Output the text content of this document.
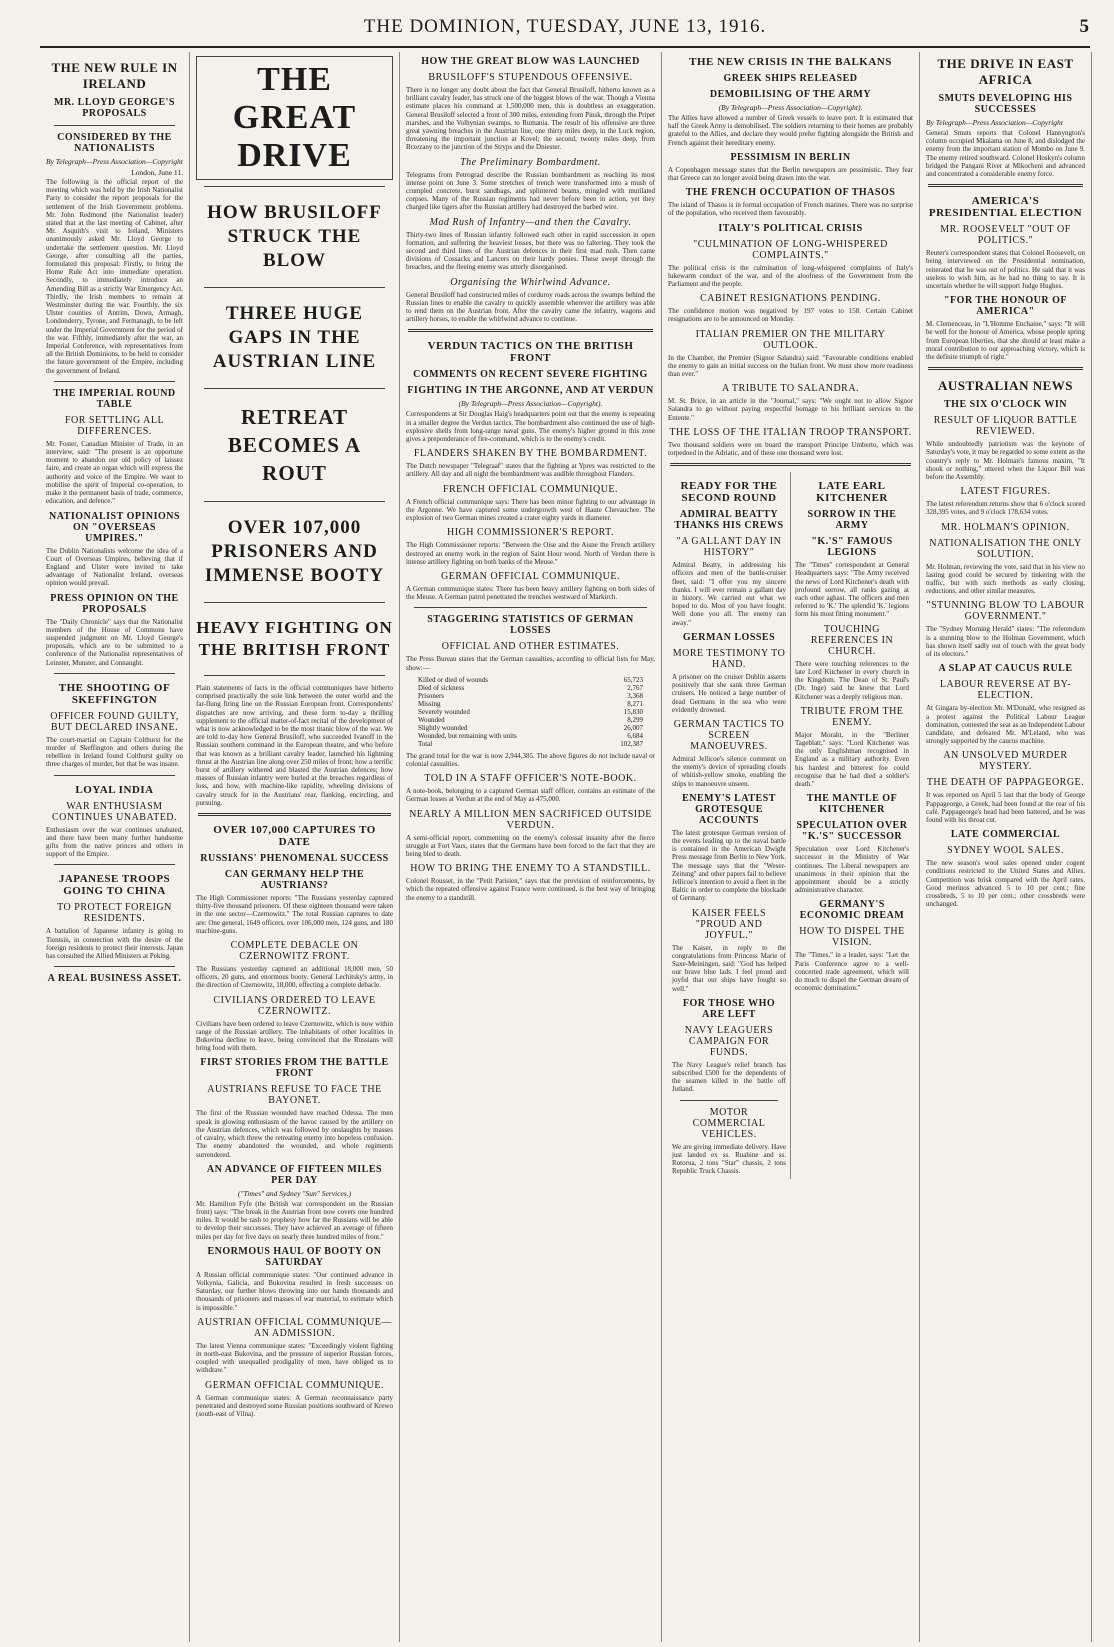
THE DOMINION, TUESDAY, JUNE 13, 1916.	5
THE NEW RULE IN IRELAND
MR. LLOYD GEORGE'S PROPOSALS
CONSIDERED BY THE NATIONALISTS
By Telegraph—Press Association—Copyright
London, June 11.
The following is the official report of the meeting which was held by the Irish Nationalist Party to consider the report proposals for the settlement of the Irish Government problems. Mr. John Redmond (the Nationalist leader) stated that at the last meeting of Cabinet, after Mr. Asquith's visit to Ireland, Ministers unanimously asked Mr. Lloyd George to undertake the settlement question. Mr. Lloyd George, after consulting all the parties, formulated this proposal: Firstly, to bring the Home Rule Act into immediate operation. Secondly, to immediately introduce an Amending Bill as a strictly War Emergency Act. Thirdly, the Irish members to remain at Westminster during the war. Fourthly, the six Ulster counties of Antrim, Down, Armagh, Londonderry, Tyrone, and Fermanagh, to be left under the Imperial Government for the period of the war. Fifthly, immediately after the war, an Imperial Conference, with representatives from all the British Dominions, to be held to consider the future government of the Empire, including the government of Ireland.
THE IMPERIAL ROUND TABLE
FOR SETTLING ALL DIFFERENCES.
Mr. Foster, Canadian Minister of Trade, in an interview, said: "The present is an opportune moment to abandon our old policy of laissez faire, and create an organ which will express the authority and voice of the Empire. We want to mobilise the spirit of Imperial co-operation, to make it the permanent basis of trade, commerce, education, and defence."
NATIONALIST OPINIONS ON "OVERSEAS UMPIRES."
The Dublin Nationalists welcome the idea of a Court of Overseas Umpires, believing that if England and Ulster were invited to take advantage of Nationalist Ireland, overseas opinion would prevail.
PRESS OPINION ON THE PROPOSALS
The "Daily Chronicle" says that the Nationalist members of the House of Commons have suspended judgment on Mr. Lloyd George's proposals, which are to be submitted to a conference of the Nationalist representatives of Leinster, Munster, and Connaught.
THE SHOOTING OF SKEFFINGTON
OFFICER FOUND GUILTY, BUT DECLARED INSANE.
The court-martial on Captain Colthurst for the murder of Skeffington and others during the rebellion in Ireland found Colthurst guilty on three charges of murder, but that he was insane.
LOYAL INDIA
WAR ENTHUSIASM CONTINUES UNABATED.
Enthusiasm over the war continues unabated, and there have been many further handsome gifts from the native princes and others in support of the Empire.
JAPANESE TROOPS GOING TO CHINA
TO PROTECT FOREIGN RESIDENTS.
A battalion of Japanese infantry is going to Tientsin, in connection with the desire of the foreign residents to protect their interests. Japan has consulted the Allied Ministers at Peking.
A REAL BUSINESS ASSET.
THE GREAT DRIVE
HOW BRUSILOFF STRUCK THE BLOW
THREE HUGE GAPS IN THE AUSTRIAN LINE
RETREAT BECOMES A ROUT
OVER 107,000 PRISONERS AND IMMENSE BOOTY
HEAVY FIGHTING ON THE BRITISH FRONT
Plain statements of facts in the official communiques have hitherto comprised practically the sole link between the outer world and the far-flung firing line on the Russian European front. Correspondents' dispatches are now arriving, and these form to-day a thrilling supplement to the official matter-of-fact recital of the development of what is now acknowledged to be the most titanic blow of the war. We are told to-day how General Brusiloff, who succeeded Ivanoff in the Russian southern command in the European theatre, and who before that was known as a brilliant cavalry leader, launched his lightning thrust at the Austrian line along over 250 miles of front; how a terrific burst of artillery withered and blasted the Austrian defences; how masses of Russian infantry were hurled at the breaches regardless of loss, and how, with machine-like rapidity, wheeling divisions of cavalry struck for in the Austrians' rear, flanking, encircling, and pursuing.
OVER 107,000 CAPTURES TO DATE
RUSSIANS' PHENOMENAL SUCCESS
CAN GERMANY HELP THE AUSTRIANS?
The High Commissioner reports: "The Russians yesterday captured thirty-five thousand prisoners. Of these eighteen thousand were taken in the one sector—Czernowitz." The total Russian captures to date are: One general, 1649 officers, over 106,000 men, 124 guns, and 180 machine-guns.
COMPLETE DEBACLE ON CZERNOWITZ FRONT.
The Russians yesterday captured an additional 18,000 men, 50 officers, 20 guns, and enormous booty. General Lechitsky's army, in the direction of Czernowitz, 18,000, effecting a complete debacle.
CIVILIANS ORDERED TO LEAVE CZERNOWITZ.
Civilians have been ordered to leave Czernowitz, which is now within range of the Russian artillery. The inhabitants of other localities in Bukovina decline to leave, being convinced that the Russians will bring food with them.
FIRST STORIES FROM THE BATTLE FRONT
AUSTRIANS REFUSE TO FACE THE BAYONET.
The first of the Russian wounded have reached Odessa. The men speak in glowing enthusiasm of the havoc caused by the artillery on the Austrian defences, which was followed by onslaughts by masses of cavalry, which threw the retreating enemy into hopeless confusion. The enemy abandoned the wounded, and whole regiments surrendered.
AN ADVANCE OF FIFTEEN MILES PER DAY
("Times" and Sydney "Sun" Services.)
Mr. Hamilton Fyfe (the British war correspondent on the Russian front) says: "The break in the Austrian front now covers one hundred miles. It would be rash to prophesy how far the Russians will be able to develop their successes. They have achieved an average of fifteen miles per day for five days on nearly three hundred miles of front."
ENORMOUS HAUL OF BOOTY ON SATURDAY
A Russian official communique states: "Our continued advance in Volkynia, Galicia, and Bukovina resulted in fresh successes on Saturday, our further blows throwing into our hands thousands and thousands of prisoners and masses of war material, to estimate which is impossible."
AUSTRIAN OFFICIAL COMMUNIQUE—AN ADMISSION.
The latest Vienna communique states: "Exceedingly violent fighting in north-east Bukovina, and the pressure of superior Russian forces, coupled with unequalled prodigality of men, have obliged us to withdraw."
GERMAN OFFICIAL COMMUNIQUE.
A German communique states: A German reconnaissance party penetrated and destroyed some Russian positions southward of Krewo (south-east of Vilna).
HOW THE GREAT BLOW WAS LAUNCHED
BRUSILOFF'S STUPENDOUS OFFENSIVE.
There is no longer any doubt about the fact that General Brusiloff, hitherto known as a brilliant cavalry leader, has struck one of the biggest blows of the war. Though a Vienna estimate places his command at 1,500,000 men, this is doubtless an exaggeration. General Brusiloff selected a front of 300 miles, extending from Pinsk, through the Pripet marshes, and the Volhynian swamps, to Rumania. The result of his offensive are three great yawning breaches in the Austrian line, one thirty miles deep, in the Luck region, threatening the important junction at Kovel; the second, twenty miles deep, from Brzezany to the junction of the Stryps and the Dniester.
The Preliminary Bombardment.
Telegrams from Petrograd describe the Russian bombardment as reaching its most intense point on June 3. Some stretches of trench were transformed into a mush of crumpled concrete, burst sandbags, and splintered beams, mingled with mutilated corpses. Many of the Russian regiments had never before been in action, yet they charged like tigers after the Russian artillery had destroyed the barbed wire.
Mad Rush of Infantry—and then the Cavalry.
Thirty-two lines of Russian infantry followed each other in rapid succession in open formation, and suffering the heaviest losses, but there was no faltering. They took the second and third lines of the Austrian defences in their first mad rush. Then came divisions of Cossacks and Lancers on their hardy ponies. These swept through the breaches, and the fleeing enemy was utterly disorganised.
Organising the Whirlwind Advance.
General Brusiloff had constructed miles of corduroy roads across the swamps behind the Russian lines to enable the cavalry to quickly assemble wherever the artillery was able to rend them on the Austrian front. After the cavalry came the infantry, wagons and artillery horses, to enable the whirlwind advance to continue.
VERDUN TACTICS ON THE BRITISH FRONT
COMMENTS ON RECENT SEVERE FIGHTING
FIGHTING IN THE ARGONNE, AND AT VERDUN
(By Telegraph—Press Association—Copyright).
Correspondents at Sir Douglas Haig's headquarters point out that the enemy is repeating in a smaller degree the Verdun tactics. The bombardment also continued the use of high-explosive shells from long-range naval guns. The enemy's higher ground in this zone gives a preponderance of fire-command, which is to the enemy's credit.
FLANDERS SHAKEN BY THE BOMBARDMENT.
The Dutch newspaper "Telegraaf" states that the fighting at Ypres was restricted to the artillery. All day and all night the bombardment was audible throughout Flanders.
FRENCH OFFICIAL COMMUNIQUE.
A French official communique says: There has been minor fighting to our advantage in the Argonne. We have captured some undergrowth west of Haute Chevauchee. The explosion of two German mines created a crater eighty yards in diameter.
HIGH COMMISSIONER'S REPORT.
The High Commissioner reports: "Between the Oise and the Aisne the French artillery destroyed an enemy work in the region of Saint Hour wood. North of Verdun there is intense artillery fighting on both banks of the Meuse."
GERMAN OFFICIAL COMMUNIQUE.
A German communique states: There has been heavy artillery fighting on both sides of the Meuse. A German patrol penetrated the trenches westward of Markirch.
STAGGERING STATISTICS OF GERMAN LOSSES
OFFICIAL AND OTHER ESTIMATES.
The Press Bureau states that the German casualties, according to official lists for May, show:—
Killed or died of wounds	65,723
Died of sickness	2,767
Prisoners	3,368
Missing	8,271
Severely wounded	15,830
Wounded	8,299
Slightly wounded	26,007
Wounded, but remaining with units	6,684
Total	102,387
The grand total for the war is now 2,944,385. The above figures do not include naval or colonial casualties.
TOLD IN A STAFF OFFICER'S NOTE-BOOK.
A note-book, belonging to a captured German staff officer, contains an estimate of the German losses at Verdun at the end of May as 475,000.
NEARLY A MILLION MEN SACRIFICED OUTSIDE VERDUN.
A semi-official report, commenting on the enemy's colossal insanity after the fierce struggle at Fort Vaux, states that the Germans have been forced to the fact that they are being bled to death.
HOW TO BRING THE ENEMY TO A STANDSTILL.
Colonel Rousset, in the "Petit Parisien," says that the provision of reinforcements, by which the repeated offensive against France were continued, is the best way of bringing the enemy to a standstill.
THE NEW CRISIS IN THE BALKANS
GREEK SHIPS RELEASED
DEMOBILISING OF THE ARMY
(By Telegraph—Press Association—Copyright).
The Allies have allowed a number of Greek vessels to leave port. It is estimated that half the Greek Army is demobilised. The soldiers returning to their homes are probably grateful to the Allies, and declare they would prefer fighting alongside the British and French against their hereditary enemy.
PESSIMISM IN BERLIN
A Copenhagen message states that the Berlin newspapers are pessimistic. They fear that Greece can no longer avoid being drawn into the war.
THE FRENCH OCCUPATION OF THASOS
The island of Thasos is in formal occupation of French marines. There was no surprise of the population, who received them favourably.
ITALY'S POLITICAL CRISIS
"CULMINATION OF LONG-WHISPERED COMPLAINTS."
The political crisis is the culmination of long-whispered complaints of Italy's lukewarm conduct of the war, and of the aloofness of the Government from the Parliament and the people.
CABINET RESIGNATIONS PENDING.
The confidence motion was negatived by 197 votes to 158. Certain Cabinet resignations are to be announced on Monday.
ITALIAN PREMIER ON THE MILITARY OUTLOOK.
In the Chamber, the Premier (Signor Salandra) said: "Favourable conditions enabled the enemy to gain an initial success on the Italian front. We must show more readiness than ever."
A TRIBUTE TO SALANDRA.
M. St. Brice, in an article in the "Journal," says: "We ought not to allow Signor Salandra to go without paying respectful homage to his brilliant services to the Entente."
THE LOSS OF THE ITALIAN TROOP TRANSPORT.
Two thousand soldiers were on board the transport Principe Umberto, which was torpedoed in the Adriatic, and of these one thousand were lost.
READY FOR THE SECOND ROUND
ADMIRAL BEATTY THANKS HIS CREWS
"A GALLANT DAY IN HISTORY"
Admiral Beatty, in addressing his officers and men of the battle-cruiser fleet, said: "I offer you my sincere thanks. I will ever remain a gallant day in history. We carried out what we hoped to do. Most of you have fought. Well done you all. The enemy ran away."
GERMAN LOSSES
MORE TESTIMONY TO HAND.
A prisoner on the cruiser Dublin asserts positively that she sank three German cruisers. He noticed a large number of dead Germans in the sea who were evidently drowned.
GERMAN TACTICS TO SCREEN MANOEUVRES.
Admiral Jellicoe's silence comment on the enemy's device of spreading clouds of whitish-yellow smoke, enabling the ships to manoeuvre unseen.
ENEMY'S LATEST GROTESQUE ACCOUNTS
The latest grotesque German version of the events leading up to the naval battle is contained in the American Dwight Press message from Berlin to New York. The message says that the "Weser-Zeitung" and other papers fail to believe Jellicoe's intention to avoid a fleet in the Baltic in order to complete the blockade of Germany.
KAISER FEELS "PROUD AND JOYFUL."
The Kaiser, in reply to the congratulations from Princess Marie of Saxe-Meiningen, said: "God has helped our brave blue lads. I feel proud and joyful that our ships have fought so well."
FOR THOSE WHO ARE LEFT
NAVY LEAGUERS CAMPAIGN FOR FUNDS.
The Navy League's relief branch has subscribed £500 for the dependents of the seamen killed in the battle off Jutland.
MOTOR COMMERCIAL VEHICLES.
We are giving immediate delivery. Have just landed ex ss. Ruahine and ss. Rotorua, 2 tons "Star" chassis, 2 tons Republic Truck Chassis.
LATE EARL KITCHENER
SORROW IN THE ARMY
"K.'S" FAMOUS LEGIONS
The "Times" correspondent at General Headquarters says: "The Army received the news of Lord Kitchener's death with profound sorrow, all ranks gazing at each other aghast. The officers and men referred to 'K.' The splendid 'K.' legions form his most fitting monument."
TOUCHING REFERENCES IN CHURCH.
There were touching references to the late Lord Kitchener in every church in the Kingdom. The Dean of St. Paul's (Dr. Inge) said he knew that Lord Kitchener was a deeply religious man.
TRIBUTE FROM THE ENEMY.
Major Moraht, in the "Berliner Tageblatt," says: "Lord Kitchener was the only Englishman recognised in England as a military authority. Even his hardest and bitterest foe could recognise that he had died a soldier's death."
THE MANTLE OF KITCHENER
SPECULATION OVER "K.'S" SUCCESSOR
Speculation over Lord Kitchener's successor in the Ministry of War continues. The Liberal newspapers are unanimous in their opinion that the appointment should be a strictly administrative character.
GERMANY'S ECONOMIC DREAM
HOW TO DISPEL THE VISION.
The "Times," in a leader, says: "Let the Paris Conference agree to a well-concerted trade agreement, which will do much to dispel the German dream of economic domination."
THE DRIVE IN EAST AFRICA
SMUTS DEVELOPING HIS SUCCESSES
By Telegraph—Press Association—Copyright
General Smuts reports that Colonel Hannyngton's column occupied Mkalama on June 8, and dislodged the enemy from the important station of Mombo on June 9. The enemy retired southward. Colonel Hoskyn's column bridged the Pangani River at Mikocheni and advanced and concentrated a considerable enemy force.
AMERICA'S PRESIDENTIAL ELECTION
MR. ROOSEVELT "OUT OF POLITICS."
Reuter's correspondent states that Colonel Roosevelt, on being interviewed on the Presidential nomination, reiterated that he was out of politics. He said that it was useless to wish him, as he had no thing to say. It is uncertain whether he will support Judge Hughes.
"FOR THE HONOUR OF AMERICA"
M. Clemenceau, in "L'Homme Enchaine," says: "It will be well for the honour of America, whose people spring from European liberties, that she should at least make a moral contribution to our approaching victory, which is the definite triumph of right."
AUSTRALIAN NEWS
THE SIX O'CLOCK WIN
RESULT OF LIQUOR BATTLE REVIEWED.
While undoubtedly patriotism was the keynote of Saturday's vote, it may be regarded to some extent as the country's reply to Mr. Holman's famous maxim, "It shook or nothing," uttered when the Liquor Bill was before the Assembly.
LATEST FIGURES.
The latest referendum returns show that 6 o'clock scored 328,395 votes, and 9 o'clock 178,634 votes.
MR. HOLMAN'S OPINION.
NATIONALISATION THE ONLY SOLUTION.
Mr. Holman, reviewing the vote, said that in his view no lasting good could be secured by tinkering with the traffic, but with such methods as early closing, reductions, and other similar measures.
"STUNNING BLOW TO LABOUR GOVERNMENT."
The "Sydney Morning Herald" states: "The referendum is a stunning blow to the Holman Government, which has shown itself sadly out of touch with the great body of its electors."
A SLAP AT CAUCUS RULE
LABOUR REVERSE AT BY-ELECTION.
At Gingara by-election Mr. M'Donald, who resigned as a protest against the Political Labour League domination, contested the seat as an Independent Labour candidate, and defeated Mr. M'Leland, who was strongly supported by the caucus machine.
AN UNSOLVED MURDER MYSTERY.
THE DEATH OF PAPPAGEORGE.
It was reported on April 5 last that the body of George Pappageorge, a Greek, had been found at the rear of his café. Pappageorge's head had been battered, and he was found with his throat cut.
LATE COMMERCIAL
SYDNEY WOOL SALES.
The new season's wool sales opened under cogent conditions restricted to the United States and Allies. Competition was brisk compared with the April rates. Good merinos advanced 5 to 10 per cent.; fine crossbreds, 5 to 10 per cent.; other crossbreds were unchanged.
